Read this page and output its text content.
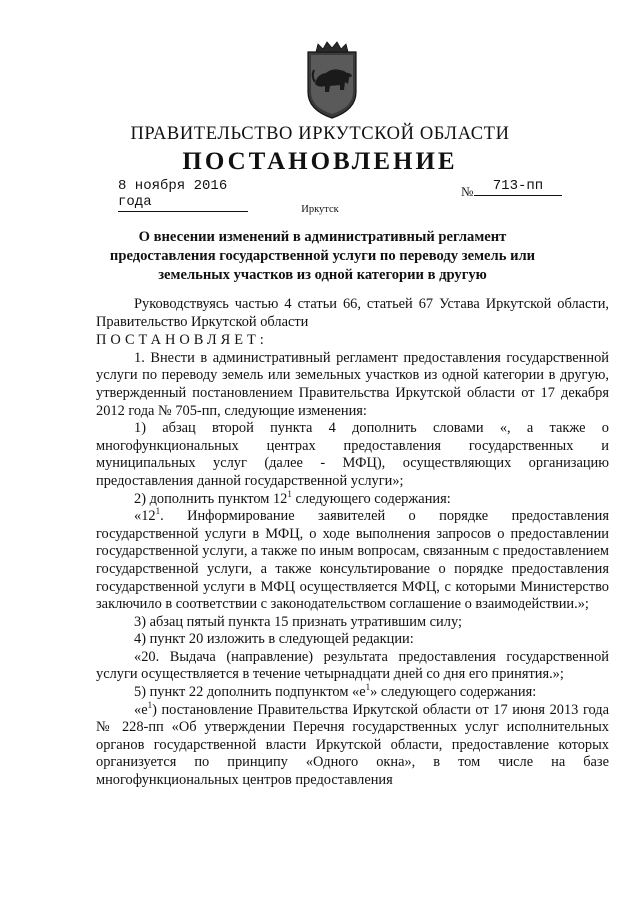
ПРАВИТЕЛЬСТВО ИРКУТСКОЙ ОБЛАСТИ
ПОСТАНОВЛЕНИЕ
8 ноября 2016 года
№	713-пп
Иркутск
О внесении изменений в административный регламент предоставления государственной услуги по переводу земель или земельных участков из одной категории в другую

Руководствуясь частью 4 статьи 66, статьей 67 Устава Иркутской области, Правительство Иркутской области

ПОСТАНОВЛЯЕТ:

1. Внести в административный регламент предоставления государственной услуги по переводу земель или земельных участков из одной категории в другую, утвержденный постановлением Правительства Иркутской области от 17 декабря 2012 года № 705-пп, следующие изменения:

1) абзац второй пункта 4 дополнить словами «, а также о многофункциональных центрах предоставления государственных и муниципальных услуг (далее - МФЦ), осуществляющих организацию предоставления данной государственной услуги»;

2) дополнить пунктом $12^1$ следующего содержания:

«$12^1$. Информирование заявителей о порядке предоставления государственной услуги в МФЦ, о ходе выполнения запросов о предоставлении государственной услуги, а также по иным вопросам, связанным с предоставлением государственной услуги, а также консультирование о порядке предоставления государственной услуги в МФЦ осуществляется МФЦ, с которыми Министерство заключило в соответствии с законодательством соглашение о взаимодействии.»;

3) абзац пятый пункта 15 признать утратившим силу;

4) пункт 20 изложить в следующей редакции:

«20. Выдача (направление) результата предоставления государственной услуги осуществляется в течение четырнадцати дней со дня его принятия.»;

5) пункт 22 дополнить подпунктом «$е^1$» следующего содержания:

«$е^1$) постановление Правительства Иркутской области от 17 июня 2013 года № 228-пп «Об утверждении Перечня государственных услуг исполнительных органов государственной власти Иркутской области, предоставление которых организуется по принципу «Одного окна», в том числе на базе многофункциональных центров предоставления
